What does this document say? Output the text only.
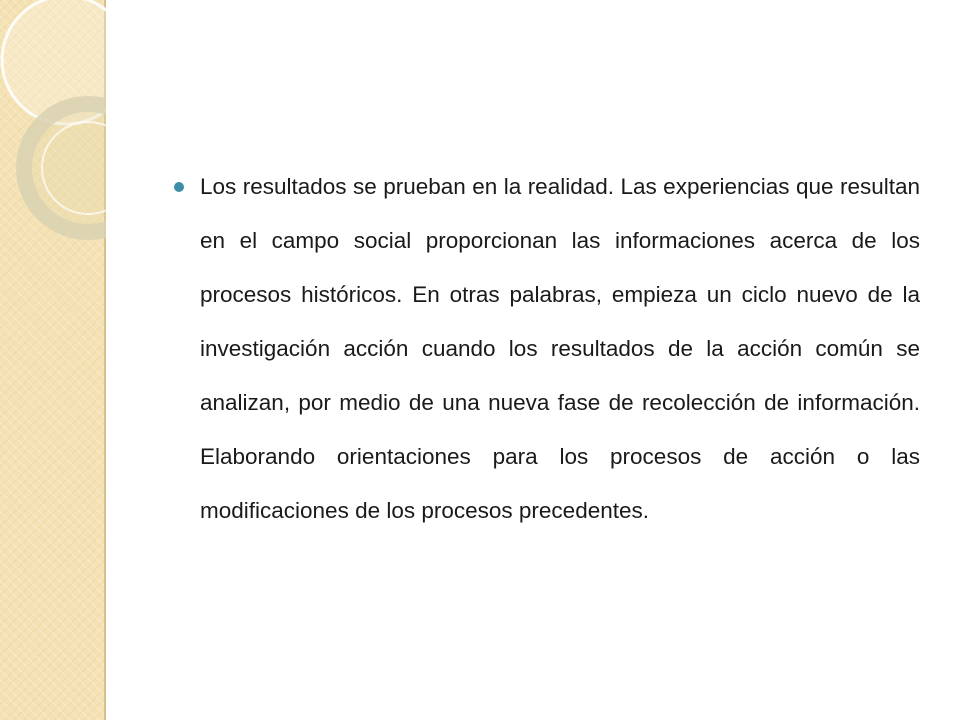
Los resultados se prueban en la realidad. Las experiencias que resultan en el campo social proporcionan las informaciones acerca de los procesos históricos. En otras palabras, empieza un ciclo nuevo de la investigación acción cuando los resultados de la acción común se analizan, por medio de una nueva fase de recolección de información. Elaborando orientaciones para los procesos de acción o las modificaciones de los procesos precedentes.
